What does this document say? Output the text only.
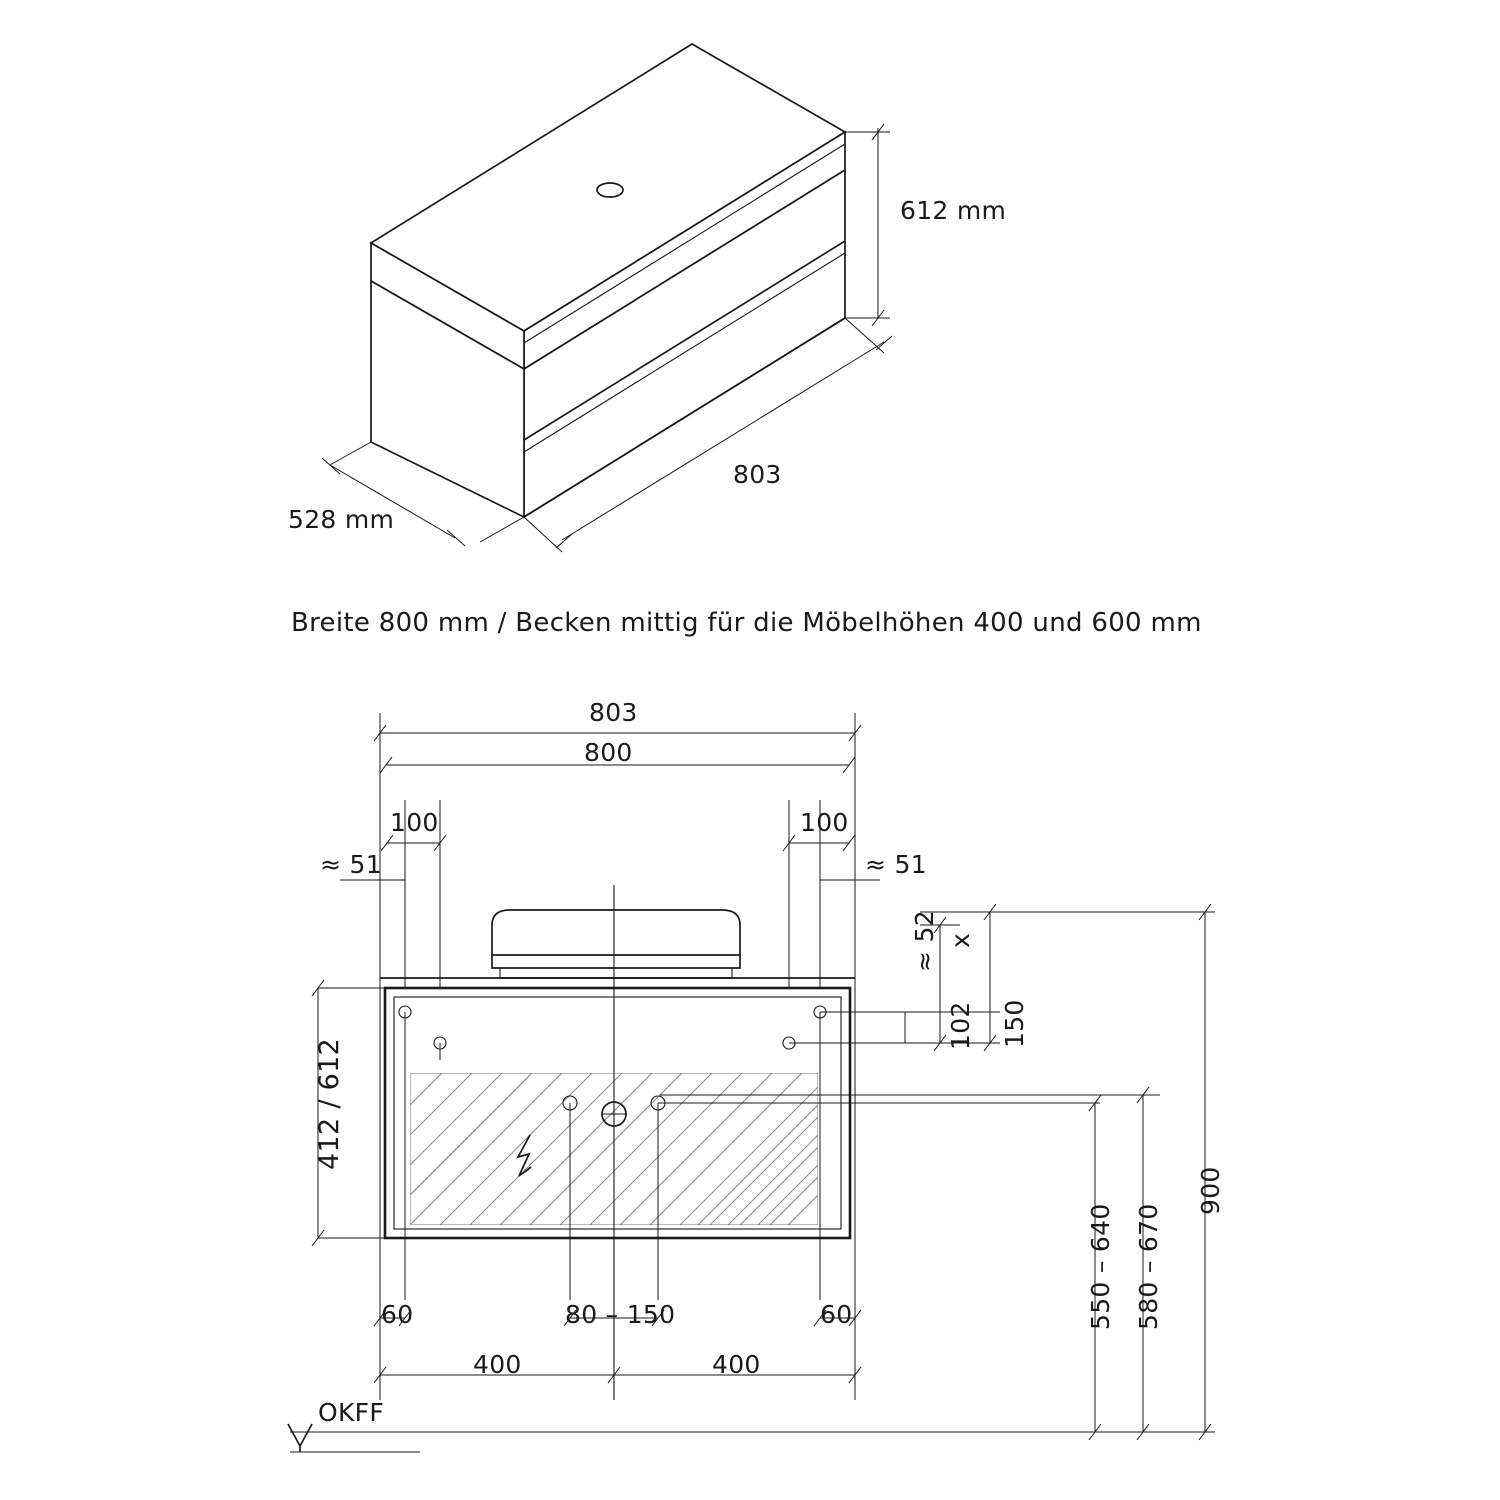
612 mm
528 mm
803
Breite 800 mm / Becken mittig für die Möbelhöhen 400 und 600 mm
803
800
100	100
≈ 51	≈ 51
≈ 52 x
102 150
412 / 612
550 – 640 580 – 670
900
60	80 – 150	60
400	400
OKFF
